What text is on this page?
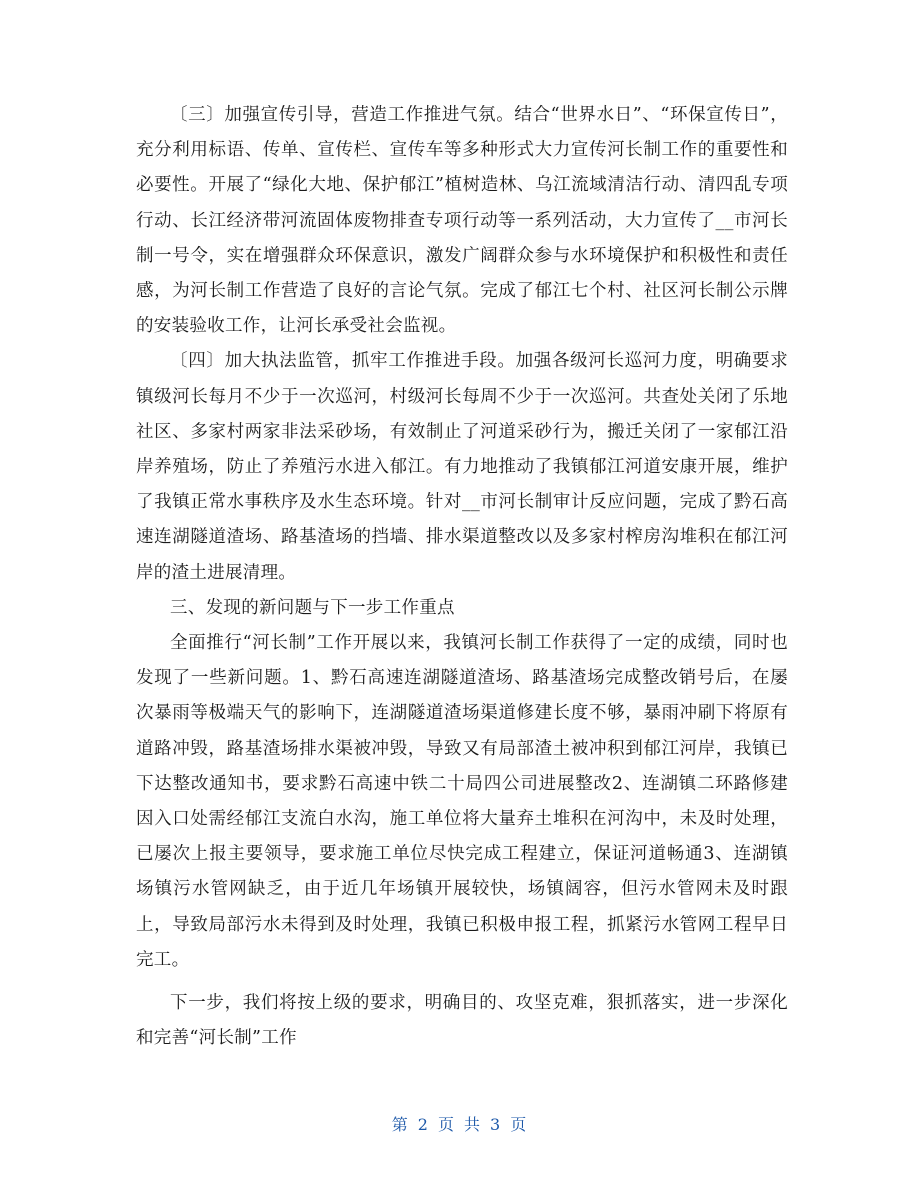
〔三〕加强宣传引导，营造工作推进气氛。结合“世界水日”、“环保宣传日”，充分利用标语、传单、宣传栏、宣传车等多种形式大力宣传河长制工作的重要性和必要性。开展了“绿化大地、保护郁江”植树造林、乌江流域清洁行动、清四乱专项行动、长江经济带河流固体废物排查专项行动等一系列活动，大力宣传了__市河长制一号令，实在增强群众环保意识，激发广阔群众参与水环境保护和积极性和责任感，为河长制工作营造了良好的言论气氛。完成了郁江七个村、社区河长制公示牌的安装验收工作，让河长承受社会监视。

〔四〕加大执法监管，抓牢工作推进手段。加强各级河长巡河力度，明确要求镇级河长每月不少于一次巡河，村级河长每周不少于一次巡河。共查处关闭了乐地社区、多家村两家非法采砂场，有效制止了河道采砂行为，搬迁关闭了一家郁江沿岸养殖场，防止了养殖污水进入郁江。有力地推动了我镇郁江河道安康开展，维护了我镇正常水事秩序及水生态环境。针对__市河长制审计反应问题，完成了黔石高速连湖隧道渣场、路基渣场的挡墙、排水渠道整改以及多家村榨房沟堆积在郁江河岸的渣土进展清理。

三、发现的新问题与下一步工作重点

全面推行“河长制”工作开展以来，我镇河长制工作获得了一定的成绩，同时也发现了一些新问题。1、黔石高速连湖隧道渣场、路基渣场完成整改销号后，在屡次暴雨等极端天气的影响下，连湖隧道渣场渠道修建长度不够，暴雨冲刷下将原有道路冲毁，路基渣场排水渠被冲毁，导致又有局部渣土被冲积到郁江河岸，我镇已下达整改通知书，要求黔石高速中铁二十局四公司进展整改2、连湖镇二环路修建因入口处需经郁江支流白水沟，施工单位将大量弃土堆积在河沟中，未及时处理，已屡次上报主要领导，要求施工单位尽快完成工程建立，保证河道畅通3、连湖镇场镇污水管网缺乏，由于近几年场镇开展较快，场镇阔容，但污水管网未及时跟上，导致局部污水未得到及时处理，我镇已积极申报工程，抓紧污水管网工程早日完工。

下一步，我们将按上级的要求，明确目的、攻坚克难，狠抓落实，进一步深化和完善“河长制”工作

第 2 页 共 3 页
